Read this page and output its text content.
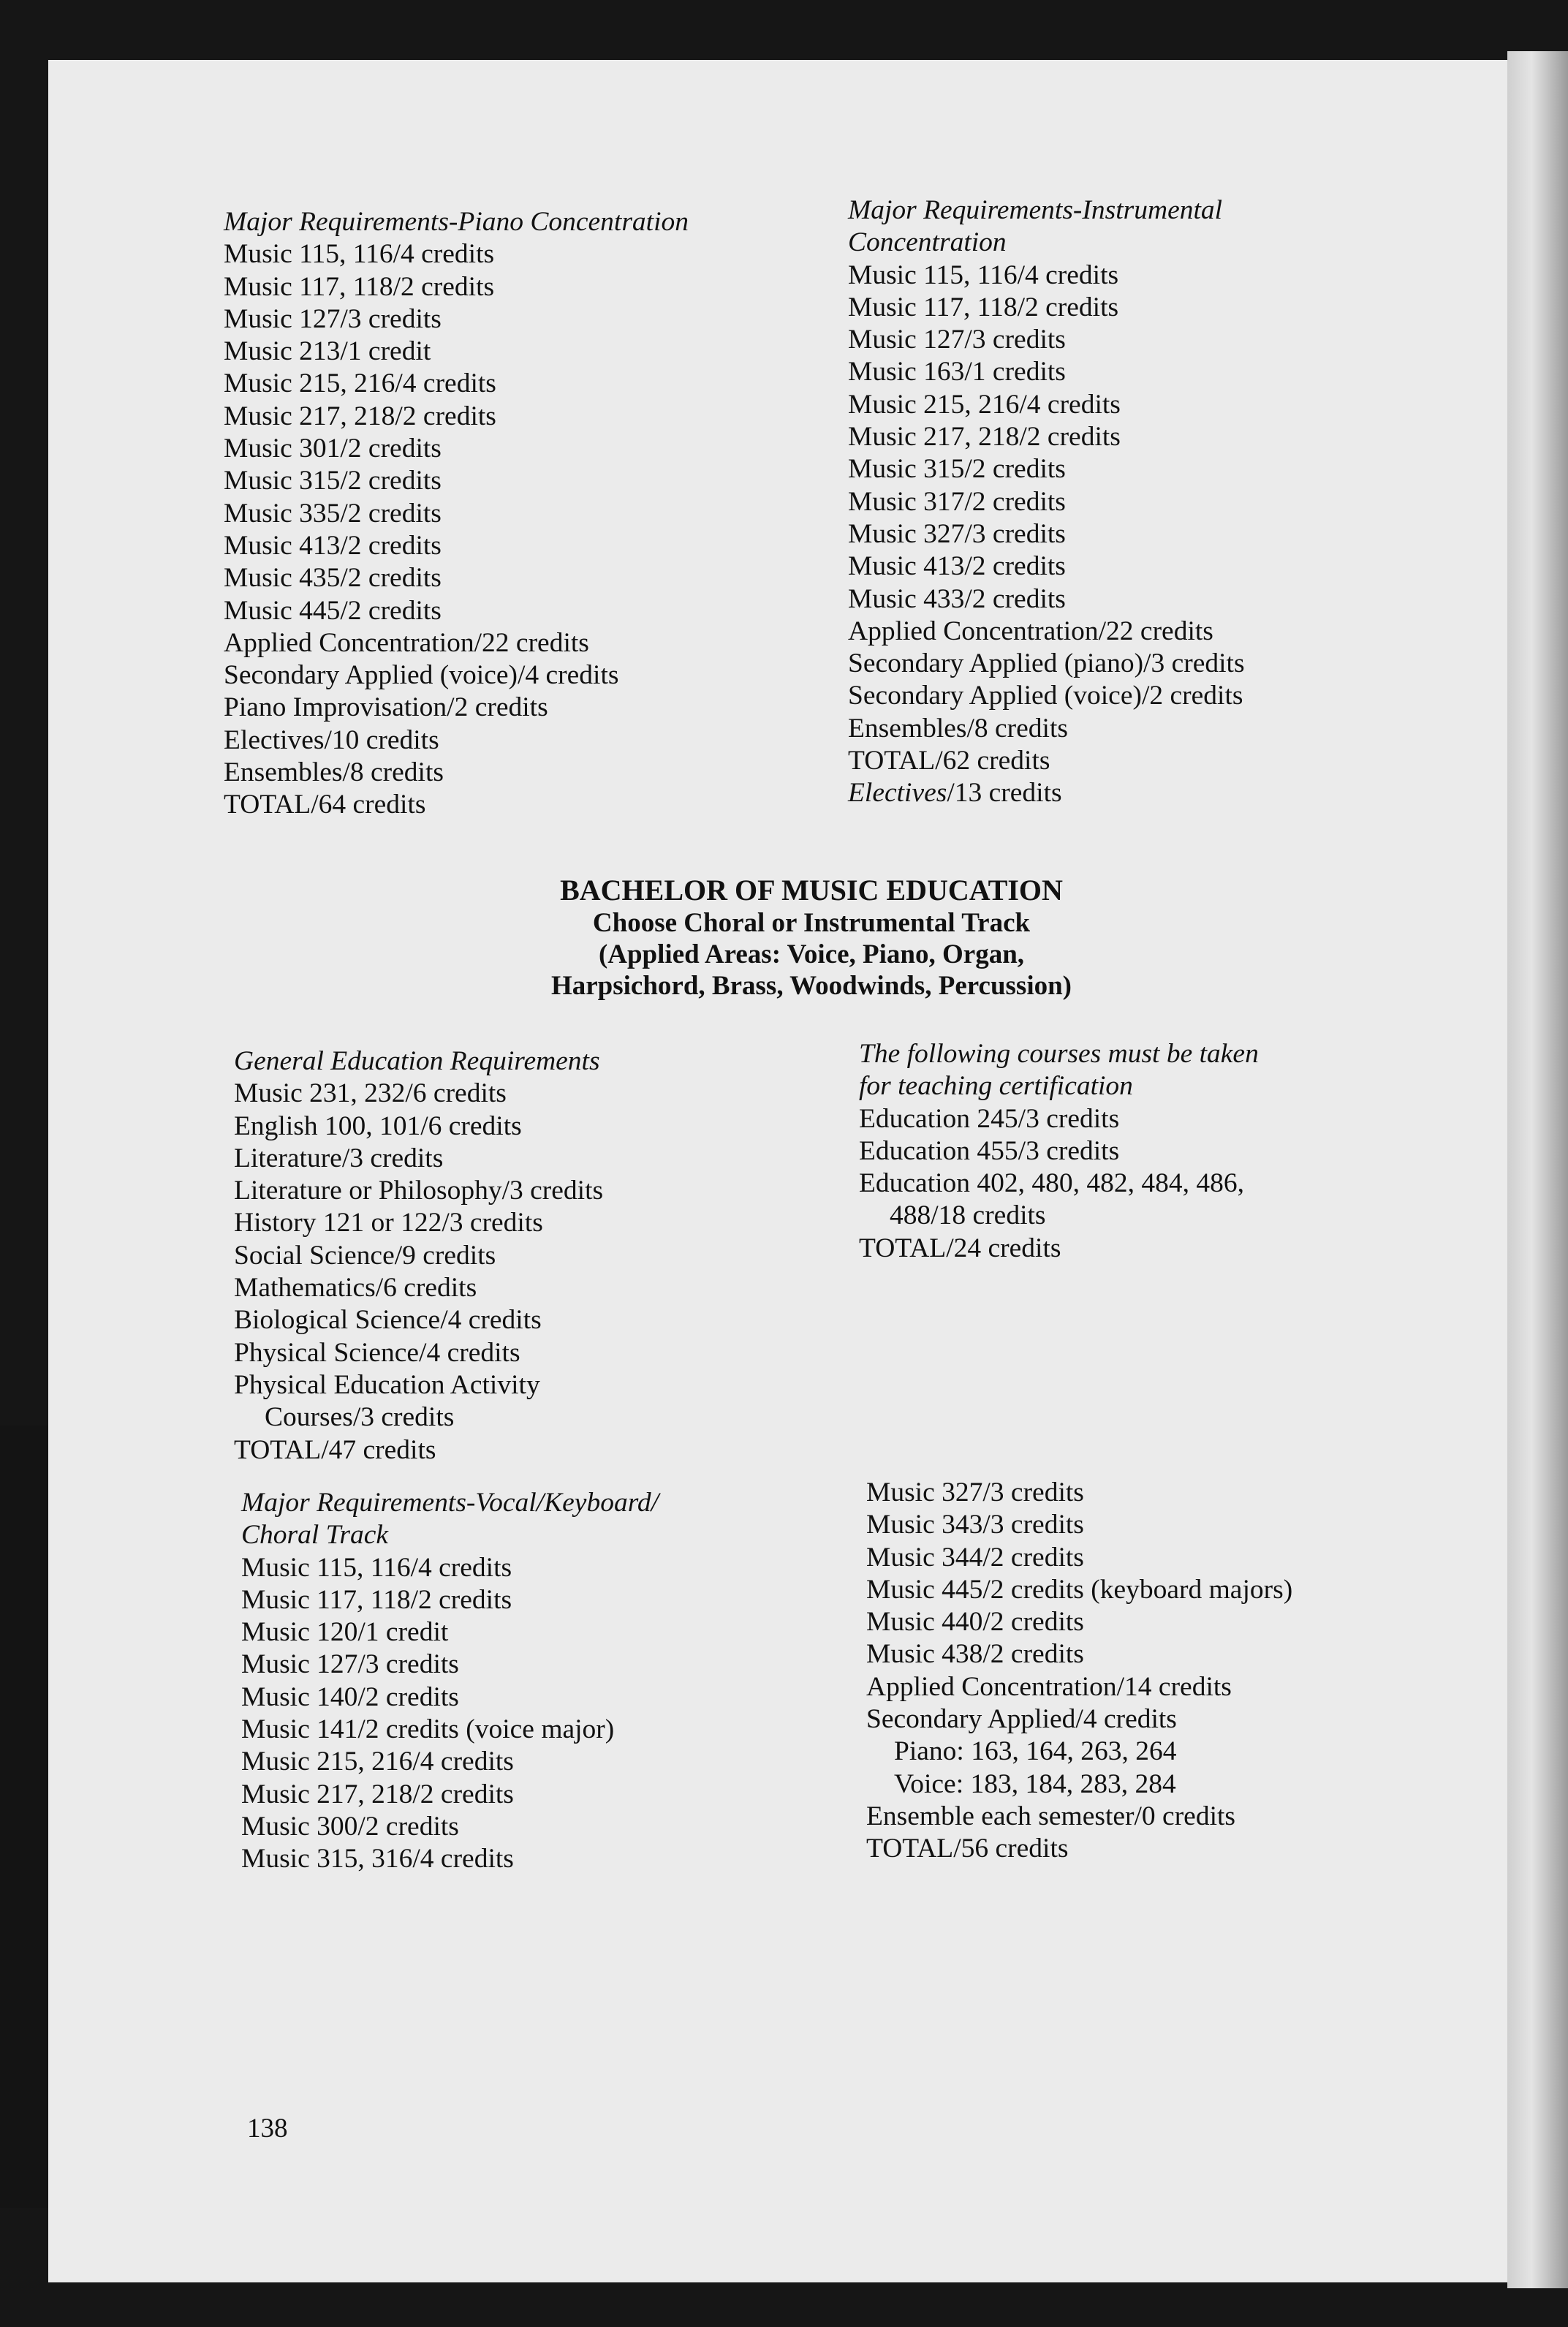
Major Requirements-Piano Concentration
Music 115, 116/4 credits
Music 117, 118/2 credits
Music 127/3 credits
Music 213/1 credit
Music 215, 216/4 credits
Music 217, 218/2 credits
Music 301/2 credits
Music 315/2 credits
Music 335/2 credits
Music 413/2 credits
Music 435/2 credits
Music 445/2 credits
Applied Concentration/22 credits
Secondary Applied (voice)/4 credits
Piano Improvisation/2 credits
Electives/10 credits
Ensembles/8 credits
TOTAL/64 credits
Major Requirements-Instrumental
Concentration
Music 115, 116/4 credits
Music 117, 118/2 credits
Music 127/3 credits
Music 163/1 credits
Music 215, 216/4 credits
Music 217, 218/2 credits
Music 315/2 credits
Music 317/2 credits
Music 327/3 credits
Music 413/2 credits
Music 433/2 credits
Applied Concentration/22 credits
Secondary Applied (piano)/3 credits
Secondary Applied (voice)/2 credits
Ensembles/8 credits
TOTAL/62 credits
Electives/13 credits
BACHELOR OF MUSIC EDUCATION
Choose Choral or Instrumental Track
(Applied Areas: Voice, Piano, Organ,
Harpsichord, Brass, Woodwinds, Percussion)
General Education Requirements
Music 231, 232/6 credits
English 100, 101/6 credits
Literature/3 credits
Literature or Philosophy/3 credits
History 121 or 122/3 credits
Social Science/9 credits
Mathematics/6 credits
Biological Science/4 credits
Physical Science/4 credits
Physical Education Activity
Courses/3 credits
TOTAL/47 credits
The following courses must be taken
for teaching certification
Education 245/3 credits
Education 455/3 credits
Education 402, 480, 482, 484, 486,
488/18 credits
TOTAL/24 credits
Major Requirements-Vocal/Keyboard/
Choral Track
Music 115, 116/4 credits
Music 117, 118/2 credits
Music 120/1 credit
Music 127/3 credits
Music 140/2 credits
Music 141/2 credits (voice major)
Music 215, 216/4 credits
Music 217, 218/2 credits
Music 300/2 credits
Music 315, 316/4 credits
Music 327/3 credits
Music 343/3 credits
Music 344/2 credits
Music 445/2 credits (keyboard majors)
Music 440/2 credits
Music 438/2 credits
Applied Concentration/14 credits
Secondary Applied/4 credits
Piano: 163, 164, 263, 264
Voice: 183, 184, 283, 284
Ensemble each semester/0 credits
TOTAL/56 credits
138
